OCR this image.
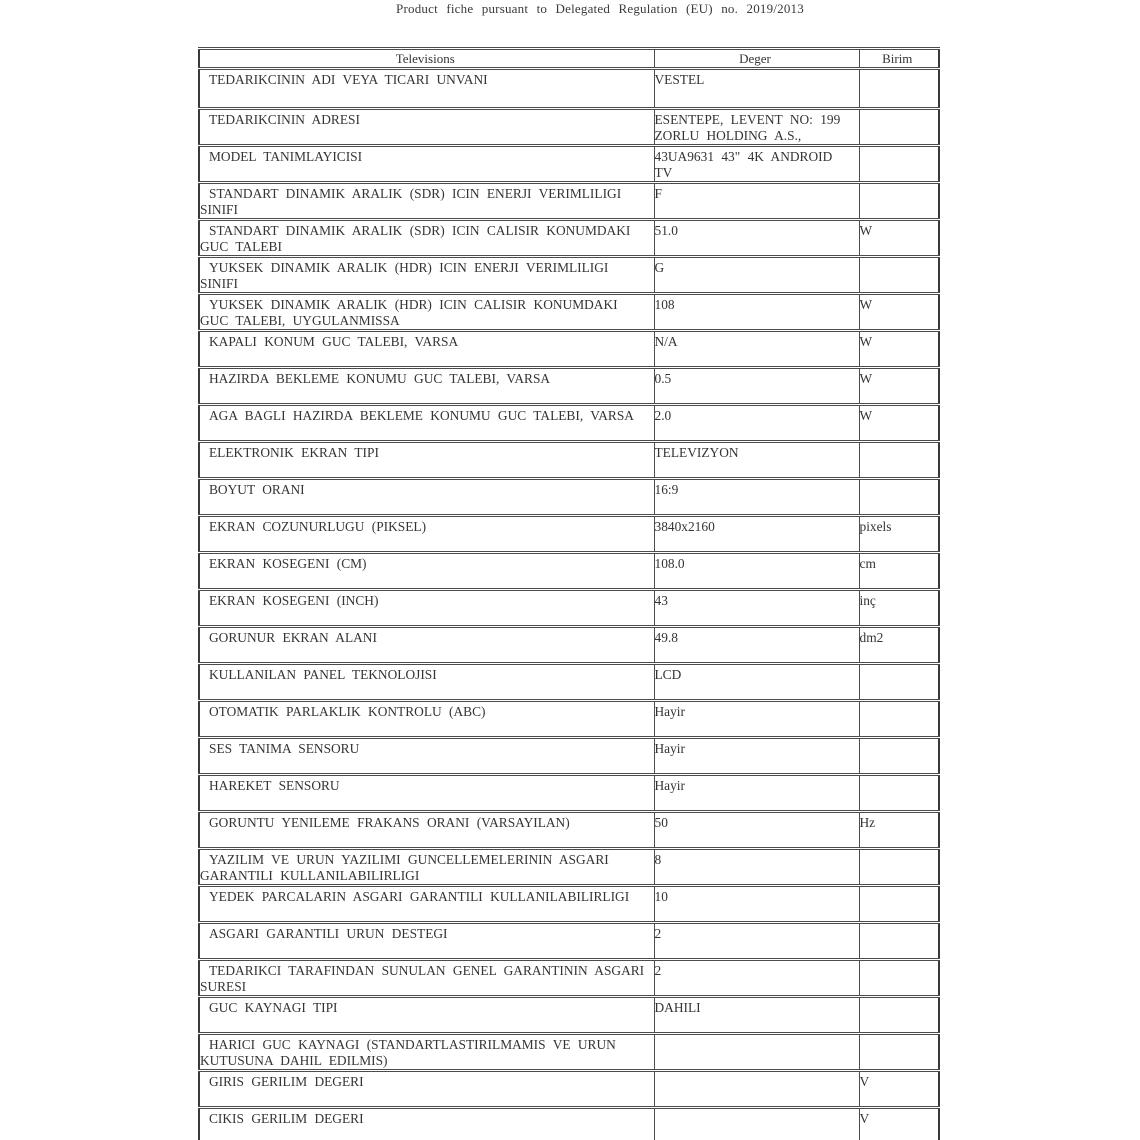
Product fiche pursuant to Delegated Regulation (EU) no. 2019/2013
Televisions	Deger	Birim
TEDARIKCININ ADI VEYA TICARI UNVANI	VESTEL	
TEDARIKCININ ADRESI	ESENTEPE, LEVENT NO: 199 ZORLU HOLDING A.S.,	
MODEL TANIMLAYICISI	43UA9631 43" 4K ANDROID TV	
STANDART DINAMIK ARALIK (SDR) ICIN ENERJI VERIMLILIGI SINIFI	F	
STANDART DINAMIK ARALIK (SDR) ICIN CALISIR KONUMDAKI GUC TALEBI	51.0	W
YUKSEK DINAMIK ARALIK (HDR) ICIN ENERJI VERIMLILIGI SINIFI	G	
YUKSEK DINAMIK ARALIK (HDR) ICIN CALISIR KONUMDAKI GUC TALEBI, UYGULANMISSA	108	W
KAPALI KONUM GUC TALEBI, VARSA	N/A	W
HAZIRDA BEKLEME KONUMU GUC TALEBI, VARSA	0.5	W
AGA BAGLI HAZIRDA BEKLEME KONUMU GUC TALEBI, VARSA	2.0	W
ELEKTRONIK EKRAN TIPI	TELEVIZYON	
BOYUT ORANI	16:9	
EKRAN COZUNURLUGU (PIKSEL)	3840x2160	pixels
EKRAN KOSEGENI (CM)	108.0	cm
EKRAN KOSEGENI (INCH)	43	inç
GORUNUR EKRAN ALANI	49.8	dm2
KULLANILAN PANEL TEKNOLOJISI	LCD	
OTOMATIK PARLAKLIK KONTROLU (ABC)	Hayir	
SES TANIMA SENSORU	Hayir	
HAREKET SENSORU	Hayir	
GORUNTU YENILEME FRAKANS ORANI (VARSAYILAN)	50	Hz
YAZILIM VE URUN YAZILIMI GUNCELLEMELERININ ASGARI GARANTILI KULLANILABILIRLIGI	8	
YEDEK PARCALARIN ASGARI GARANTILI KULLANILABILIRLIGI	10	
ASGARI GARANTILI URUN DESTEGI	2	
TEDARIKCI TARAFINDAN SUNULAN GENEL GARANTININ ASGARI SURESI	2	
GUC KAYNAGI TIPI	DAHILI	
HARICI GUC KAYNAGI (STANDARTLASTIRILMAMIS VE URUN KUTUSUNA DAHIL EDILMIS)		
GIRIS GERILIM DEGERI		V
CIKIS GERILIM DEGERI		V
